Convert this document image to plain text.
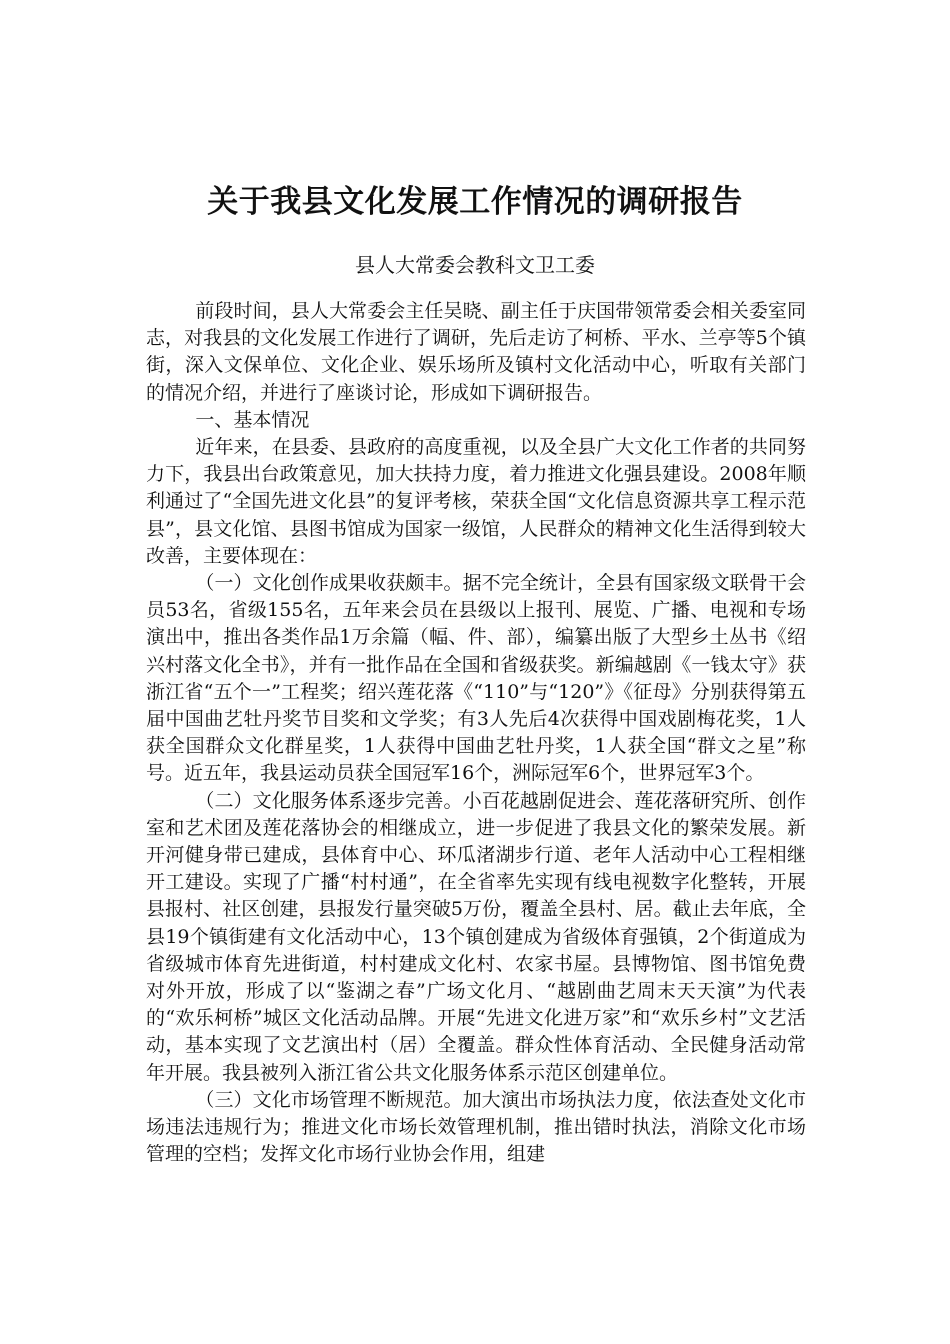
关于我县文化发展工作情况的调研报告

县人大常委会教科文卫工委

前段时间，县人大常委会主任吴晓、副主任于庆国带领常委会相关委室同志，对我县的文化发展工作进行了调研，先后走访了柯桥、平水、兰亭等5个镇街，深入文保单位、文化企业、娱乐场所及镇村文化活动中心，听取有关部门的情况介绍，并进行了座谈讨论，形成如下调研报告。

一、基本情况

近年来，在县委、县政府的高度重视，以及全县广大文化工作者的共同努力下，我县出台政策意见，加大扶持力度，着力推进文化强县建设。2008年顺利通过了“全国先进文化县”的复评考核，荣获全国“文化信息资源共享工程示范县”，县文化馆、县图书馆成为国家一级馆，人民群众的精神文化生活得到较大改善，主要体现在：

（一）文化创作成果收获颇丰。据不完全统计，全县有国家级文联骨干会员53名，省级155名，五年来会员在县级以上报刊、展览、广播、电视和专场演出中，推出各类作品1万余篇（幅、件、部），编纂出版了大型乡土丛书《绍兴村落文化全书》，并有一批作品在全国和省级获奖。新编越剧《一钱太守》获浙江省“五个一”工程奖；绍兴莲花落《“110”与“120”》《征母》分别获得第五届中国曲艺牡丹奖节目奖和文学奖；有3人先后4次获得中国戏剧梅花奖，1人获全国群众文化群星奖，1人获得中国曲艺牡丹奖，1人获全国“群文之星”称号。近五年，我县运动员获全国冠军16个，洲际冠军6个，世界冠军3个。

（二）文化服务体系逐步完善。小百花越剧促进会、莲花落研究所、创作室和艺术团及莲花落协会的相继成立，进一步促进了我县文化的繁荣发展。新开河健身带已建成，县体育中心、环瓜渚湖步行道、老年人活动中心工程相继开工建设。实现了广播“村村通”，在全省率先实现有线电视数字化整转，开展县报村、社区创建，县报发行量突破5万份，覆盖全县村、居。截止去年底，全县19个镇街建有文化活动中心，13个镇创建成为省级体育强镇，2个街道成为省级城市体育先进街道，村村建成文化村、农家书屋。县博物馆、图书馆免费对外开放，形成了以“鉴湖之春”广场文化月、“越剧曲艺周末天天演”为代表的“欢乐柯桥”城区文化活动品牌。开展“先进文化进万家”和“欢乐乡村”文艺活动，基本实现了文艺演出村（居）全覆盖。群众性体育活动、全民健身活动常年开展。我县被列入浙江省公共文化服务体系示范区创建单位。

（三）文化市场管理不断规范。加大演出市场执法力度，依法查处文化市场违法违规行为；推进文化市场长效管理机制，推出错时执法，消除文化市场管理的空档；发挥文化市场行业协会作用，组建
